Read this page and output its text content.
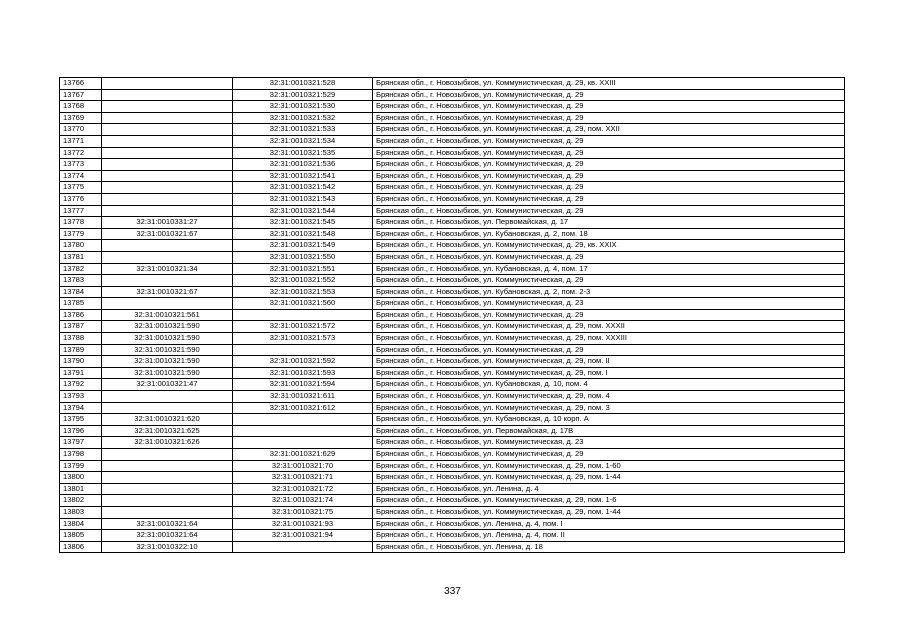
13766		32:31:0010321:528	Брянская обл., г. Новозыбков, ул. Коммунистическая, д. 29, кв. XXIII
13767		32:31:0010321:529	Брянская обл., г. Новозыбков, ул. Коммунистическая, д. 29
13768		32:31:0010321:530	Брянская обл., г. Новозыбков, ул. Коммунистическая, д. 29
13769		32:31:0010321:532	Брянская обл., г. Новозыбков, ул. Коммунистическая, д. 29
13770		32:31:0010321:533	Брянская обл., г. Новозыбков, ул. Коммунистическая, д. 29, пом. XXII
13771		32:31:0010321:534	Брянская обл., г. Новозыбков, ул. Коммунистическая, д. 29
13772		32:31:0010321:535	Брянская обл., г. Новозыбков, ул. Коммунистическая, д. 29
13773		32:31:0010321:536	Брянская обл., г. Новозыбков, ул. Коммунистическая, д. 29
13774		32:31:0010321:541	Брянская обл., г. Новозыбков, ул. Коммунистическая, д. 29
13775		32:31:0010321:542	Брянская обл., г. Новозыбков, ул. Коммунистическая, д. 29
13776		32:31:0010321:543	Брянская обл., г. Новозыбков, ул. Коммунистическая, д. 29
13777		32:31:0010321:544	Брянская обл., г. Новозыбков, ул. Коммунистическая, д. 29
13778	32:31:0010331:27	32:31:0010321:545	Брянская обл., г. Новозыбков, ул. Первомайская, д. 17
13779	32:31:0010321:67	32:31:0010321:548	Брянская обл., г. Новозыбков, ул. Кубановская, д. 2, пом. 18
13780		32:31:0010321:549	Брянская обл., г. Новозыбков, ул. Коммунистическая, д. 29, кв. XXIX
13781		32:31:0010321:550	Брянская обл., г. Новозыбков, ул. Коммунистическая, д. 29
13782	32:31:0010321:34	32:31:0010321:551	Брянская обл., г. Новозыбков, ул. Кубановская, д. 4, пом. 17
13783		32:31:0010321:552	Брянская обл., г. Новозыбков, ул. Коммунистическая, д. 29
13784	32:31:0010321:67	32:31:0010321:553	Брянская обл., г. Новозыбков, ул. Кубановская, д. 2, пом. 2-3
13785		32:31:0010321:560	Брянская обл., г. Новозыбков, ул. Коммунистическая, д. 23
13786	32:31:0010321:561		Брянская обл., г. Новозыбков, ул. Коммунистическая, д. 29
13787	32:31:0010321:590	32:31:0010321:572	Брянская обл., г. Новозыбков, ул. Коммунистическая, д. 29, пом. XXXII
13788	32:31:0010321:590	32:31:0010321:573	Брянская обл., г. Новозыбков, ул. Коммунистическая, д. 29, пом. XXXIII
13789	32:31:0010321:590		Брянская обл., г. Новозыбков, ул. Коммунистическая, д. 29
13790	32:31:0010321:590	32:31:0010321:592	Брянская обл., г. Новозыбков, ул. Коммунистическая, д. 29, пом. II
13791	32:31:0010321:590	32:31:0010321:593	Брянская обл., г. Новозыбков, ул. Коммунистическая, д. 29, пом. I
13792	32:31:0010321:47	32:31:0010321:594	Брянская обл., г. Новозыбков, ул. Кубановская, д. 10, пом. 4
13793		32:31:0010321:611	Брянская обл., г. Новозыбков, ул. Коммунистическая, д. 29, пом. 4
13794		32:31:0010321:612	Брянская обл., г. Новозыбков, ул. Коммунистическая, д. 29, пом. 3
13795	32:31:0010321:620		Брянская обл., г. Новозыбков, ул. Кубановская, д. 10 корп. А
13796	32:31:0010321:625		Брянская обл., г. Новозыбков, ул. Первомайская, д. 17В
13797	32:31:0010321:626		Брянская обл., г. Новозыбков, ул. Коммунистическая, д. 23
13798		32:31:0010321:629	Брянская обл., г. Новозыбков, ул. Коммунистическая, д. 29
13799		32:31:0010321:70	Брянская обл., г. Новозыбков, ул. Коммунистическая, д. 29, пом. 1-60
13800		32:31:0010321:71	Брянская обл., г. Новозыбков, ул. Коммунистическая, д. 29, пом. 1-44
13801		32:31:0010321:72	Брянская обл., г. Новозыбков, ул. Ленина, д. 4
13802		32:31:0010321:74	Брянская обл., г. Новозыбков, ул. Коммунистическая, д. 29, пом. 1-6
13803		32:31:0010321:75	Брянская обл., г. Новозыбков, ул. Коммунистическая, д. 29, пом. 1-44
13804	32:31:0010321:64	32:31:0010321:93	Брянская обл., г. Новозыбков, ул. Ленина, д. 4, пом. I
13805	32:31:0010321:64	32:31:0010321:94	Брянская обл., г. Новозыбков, ул. Ленина, д. 4, пом. II
13806	32:31:0010322:10		Брянская обл., г. Новозыбков, ул. Ленина, д. 18
337
